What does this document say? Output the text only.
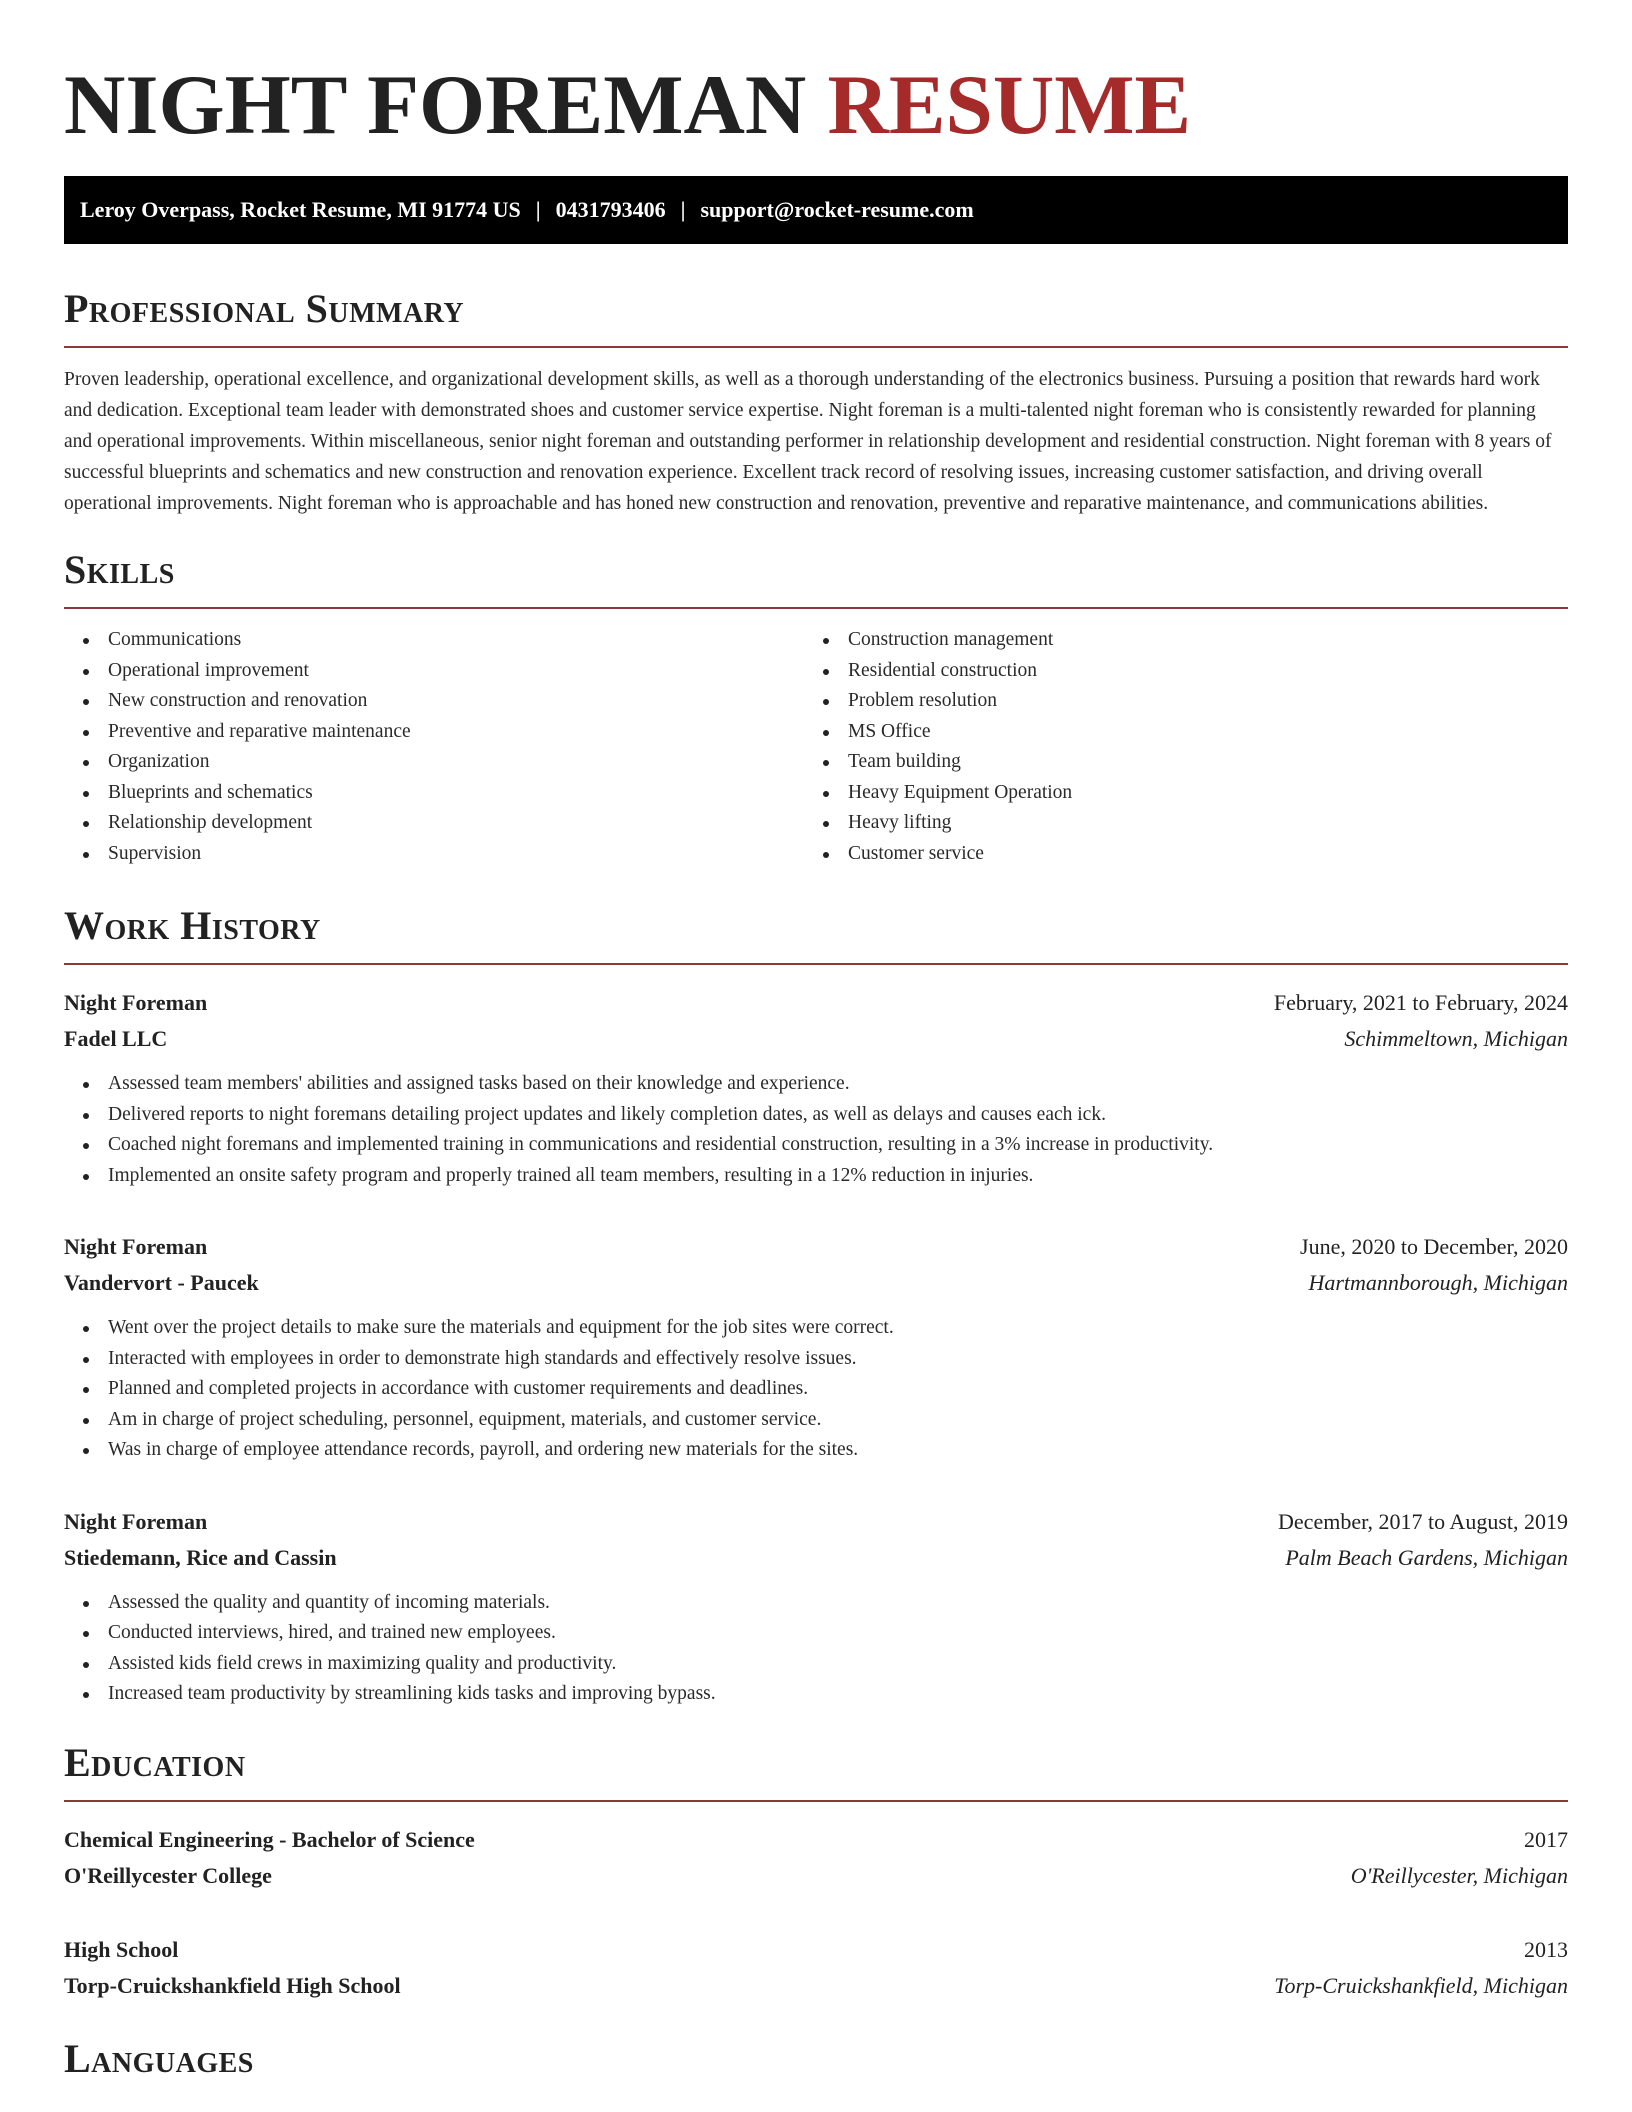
NIGHT FOREMAN RESUME
Leroy Overpass, Rocket Resume, MI 91774 US | 0431793406 | support@rocket-resume.com
Professional Summary
Proven leadership, operational excellence, and organizational development skills, as well as a thorough understanding of the electronics business. Pursuing a position that rewards hard work and dedication. Exceptional team leader with demonstrated shoes and customer service expertise. Night foreman is a multi-talented night foreman who is consistently rewarded for planning and operational improvements. Within miscellaneous, senior night foreman and outstanding performer in relationship development and residential construction. Night foreman with 8 years of successful blueprints and schematics and new construction and renovation experience. Excellent track record of resolving issues, increasing customer satisfaction, and driving overall operational improvements. Night foreman who is approachable and has honed new construction and renovation, preventive and reparative maintenance, and communications abilities.
Skills
Communications
Operational improvement
New construction and renovation
Preventive and reparative maintenance
Organization
Blueprints and schematics
Relationship development
Supervision
Construction management
Residential construction
Problem resolution
MS Office
Team building
Heavy Equipment Operation
Heavy lifting
Customer service
Work History
Night Foreman	February, 2021 to February, 2024
Fadel LLC	Schimmeltown, Michigan
Assessed team members' abilities and assigned tasks based on their knowledge and experience.
Delivered reports to night foremans detailing project updates and likely completion dates, as well as delays and causes each ick.
Coached night foremans and implemented training in communications and residential construction, resulting in a 3% increase in productivity.
Implemented an onsite safety program and properly trained all team members, resulting in a 12% reduction in injuries.
Night Foreman	June, 2020 to December, 2020
Vandervort - Paucek	Hartmannborough, Michigan
Went over the project details to make sure the materials and equipment for the job sites were correct.
Interacted with employees in order to demonstrate high standards and effectively resolve issues.
Planned and completed projects in accordance with customer requirements and deadlines.
Am in charge of project scheduling, personnel, equipment, materials, and customer service.
Was in charge of employee attendance records, payroll, and ordering new materials for the sites.
Night Foreman	December, 2017 to August, 2019
Stiedemann, Rice and Cassin	Palm Beach Gardens, Michigan
Assessed the quality and quantity of incoming materials.
Conducted interviews, hired, and trained new employees.
Assisted kids field crews in maximizing quality and productivity.
Increased team productivity by streamlining kids tasks and improving bypass.
Education
Chemical Engineering - Bachelor of Science	2017
O'Reillycester College	O'Reillycester, Michigan
High School	2013
Torp-Cruickshankfield High School	Torp-Cruickshankfield, Michigan
Languages
